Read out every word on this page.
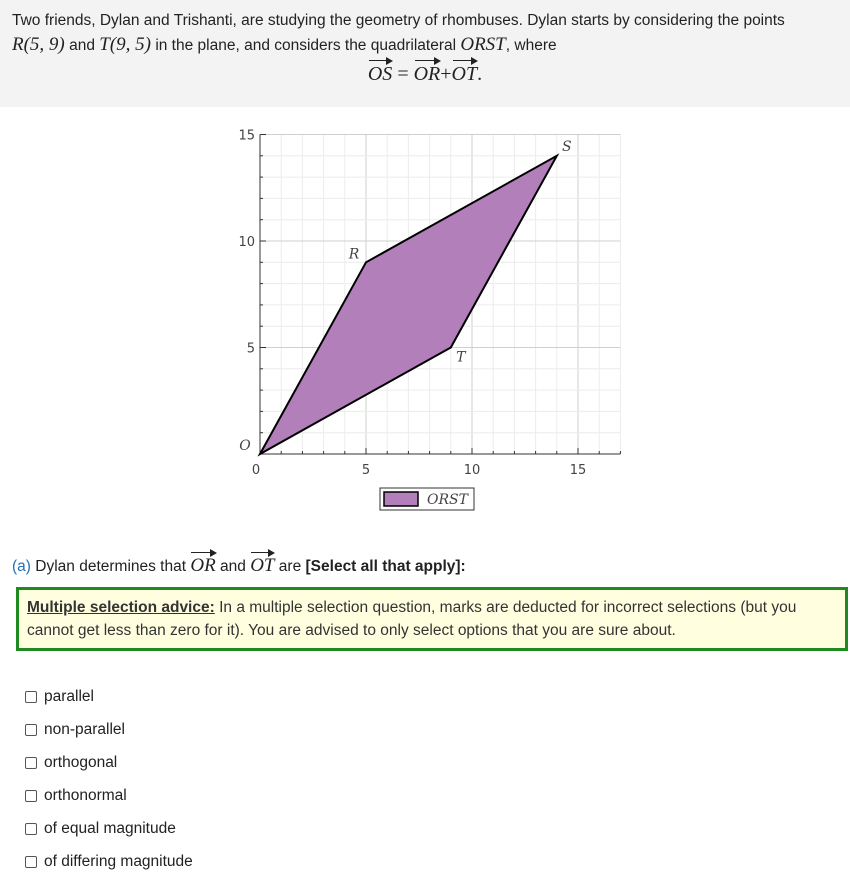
Two friends, Dylan and Trishanti, are studying the geometry of rhombuses. Dylan starts by considering the points
R(5, 9) and T(9, 5) in the plane, and considers the quadrilateral ORST, where
OS = OR+OT.
0	5	10	15
5
10
15
O
R
S
T
ORST
(a) Dylan determines that OR and OT are [Select all that apply]:
Multiple selection advice: In a multiple selection question, marks are deducted for incorrect selections (but you cannot get less than zero for it). You are advised to only select options that you are sure about.
parallel
non-parallel
orthogonal
orthonormal
of equal magnitude
of differing magnitude
